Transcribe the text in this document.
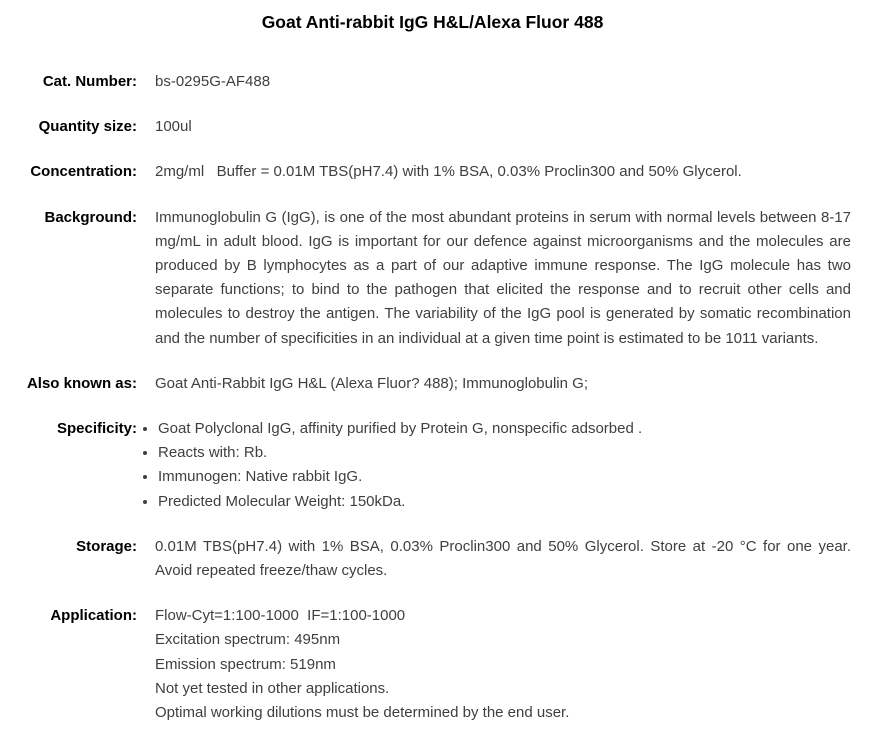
Goat Anti-rabbit IgG H&L/Alexa Fluor 488
Cat. Number: bs-0295G-AF488
Quantity size: 100ul
Concentration: 2mg/ml   Buffer = 0.01M TBS(pH7.4) with 1% BSA, 0.03% Proclin300 and 50% Glycerol.
Background: Immunoglobulin G (IgG), is one of the most abundant proteins in serum with normal levels between 8-17 mg/mL in adult blood. IgG is important for our defence against microorganisms and the molecules are produced by B lymphocytes as a part of our adaptive immune response. The IgG molecule has two separate functions; to bind to the pathogen that elicited the response and to recruit other cells and molecules to destroy the antigen. The variability of the IgG pool is generated by somatic recombination and the number of specificities in an individual at a given time point is estimated to be 1011 variants.
Also known as: Goat Anti-Rabbit IgG H&L (Alexa Fluor? 488); Immunoglobulin G;
Specificity: • Goat Polyclonal IgG, affinity purified by Protein G, nonspecific adsorbed .
• Reacts with: Rb.
• Immunogen: Native rabbit IgG.
• Predicted Molecular Weight: 150kDa.
Storage: 0.01M TBS(pH7.4) with 1% BSA, 0.03% Proclin300 and 50% Glycerol. Store at -20 °C for one year. Avoid repeated freeze/thaw cycles.
Application: Flow-Cyt=1:100-1000  IF=1:100-1000
Excitation spectrum: 495nm
Emission spectrum: 519nm
Not yet tested in other applications.
Optimal working dilutions must be determined by the end user.
